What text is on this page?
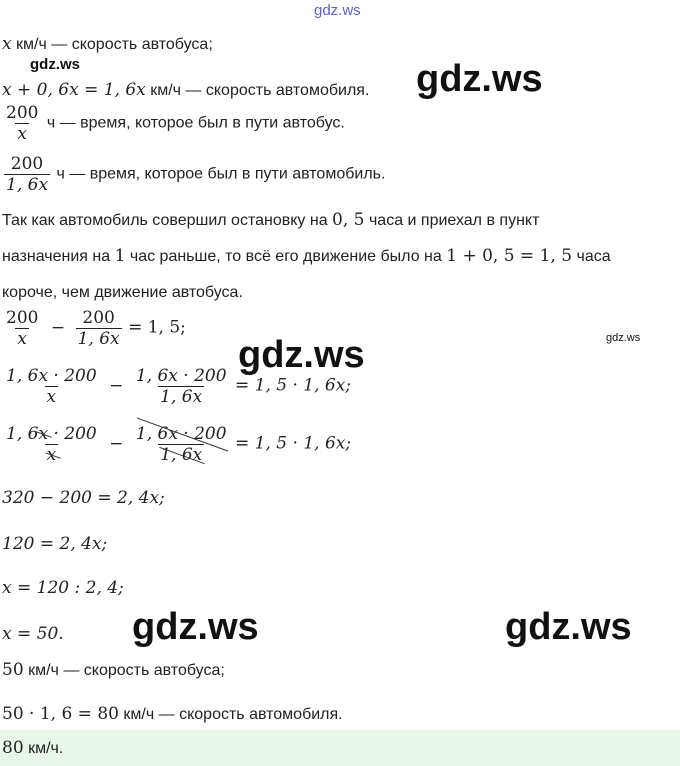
gdz.ws
x км/ч — скорость автобуса;
gdz.ws
x + 0, 6x = 1, 6x км/ч — скорость автомобиля. gdz.ws
$\frac{200}{x}$ ч — время, которое был в пути автобус.
$\frac{200}{1, 6x}$ ч — время, которое был в пути автомобиль.
Так как автомобиль совершил остановку на 0, 5 часа и приехал в пункт
назначения на 1 час раньше, то всё его движение было на 1 + 0, 5 = 1, 5 часа
короче, чем движение автобуса.
$\frac{200}{x} - \frac{200}{1, 6x} = 1$, 5;
gdz.ws
gdz.ws
$\frac{1, 6x \cdot 200}{x} - \frac{1, 6x \cdot 200}{1, 6x} = 1$, 5 · 1, 6x;
$\frac{1, 6x \cdot 200}{x} - \frac{1, 6x \cdot 200}{1, 6x} = 1$, 5 · 1, 6x;
320 − 200 = 2, 4x;
120 = 2, 4x;
x = 120 : 2, 4;
x = 50. gdz.ws	gdz.ws
50 км/ч — скорость автобуса;
50 · 1, 6 = 80 км/ч — скорость автомобиля.
80 км/ч.
